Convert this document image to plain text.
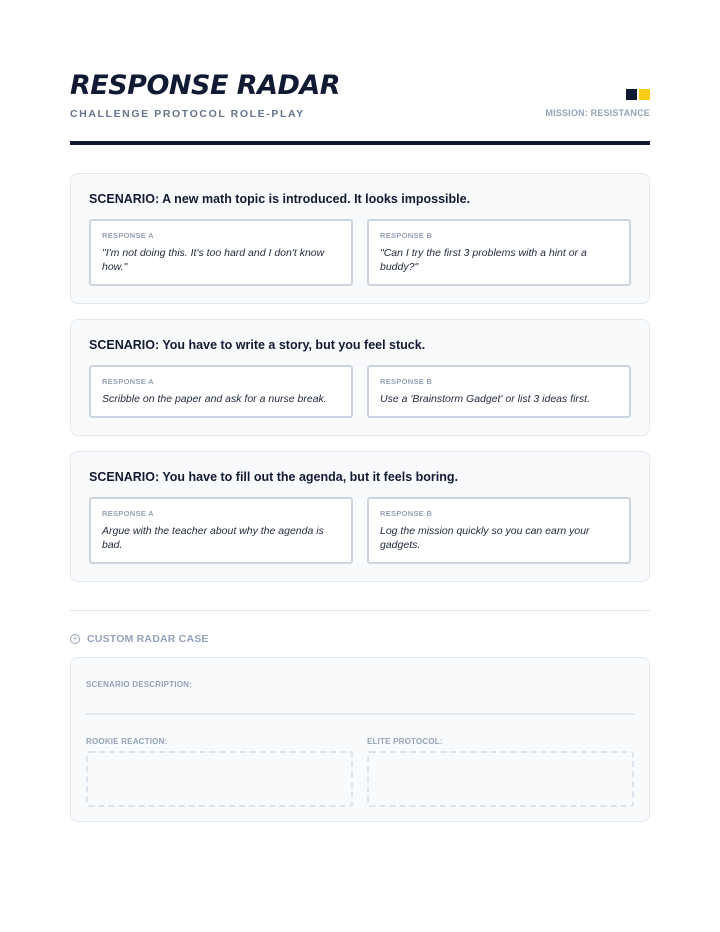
RESPONSE RADAR
CHALLENGE PROTOCOL ROLE-PLAY	MISSION: RESISTANCE
SCENARIO: A new math topic is introduced. It looks impossible.
RESPONSE A
"I'm not doing this. It's too hard and I don't know how."
RESPONSE B
"Can I try the first 3 problems with a hint or a buddy?"
SCENARIO: You have to write a story, but you feel stuck.
RESPONSE A
Scribble on the paper and ask for a nurse break.
RESPONSE B
Use a 'Brainstorm Gadget' or list 3 ideas first.
SCENARIO: You have to fill out the agenda, but it feels boring.
RESPONSE A
Argue with the teacher about why the agenda is bad.
RESPONSE B
Log the mission quickly so you can earn your gadgets.
+ CUSTOM RADAR CASE
SCENARIO DESCRIPTION:
ROOKIE REACTION:	ELITE PROTOCOL:
